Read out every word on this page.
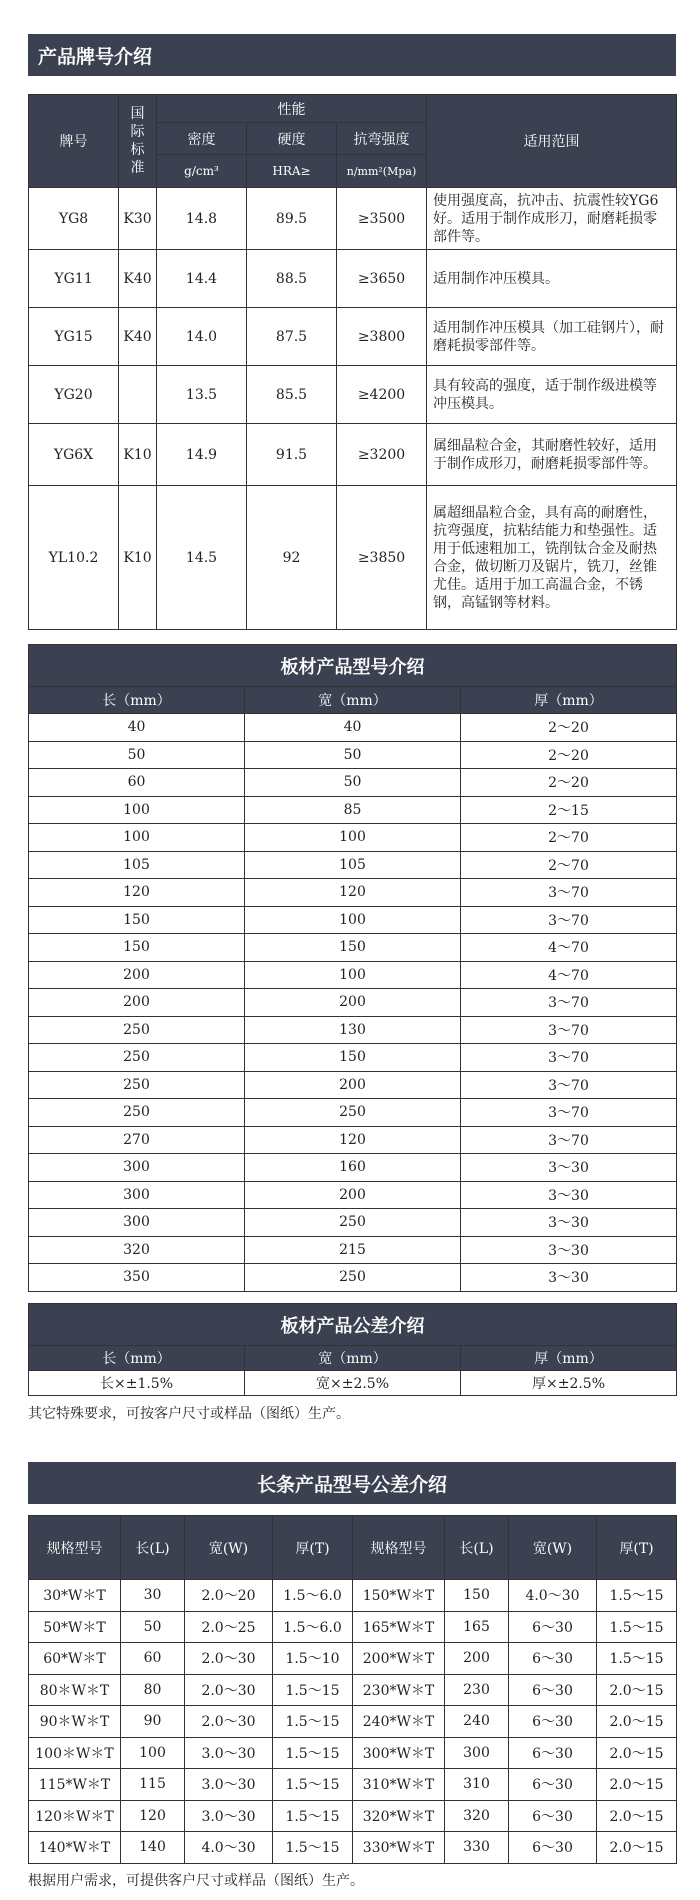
产品牌号介绍
牌号	国际标准	性能			适用范围
		密度	硬度	抗弯强度	
		g/cm³	HRA≥	n/mm²(Mpa)	
YG8	K30	14.8	89.5	≥3500	使用强度高，抗冲击、抗震性较YG6好。适用于制作成形刀，耐磨耗损零部件等。
YG11	K40	14.4	88.5	≥3650	适用制作冲压模具。
YG15	K40	14.0	87.5	≥3800	适用制作冲压模具（加工硅钢片），耐磨耗损零部件等。
YG20		13.5	85.5	≥4200	具有较高的强度，适于制作级进模等冲压模具。
YG6X	K10	14.9	91.5	≥3200	属细晶粒合金，其耐磨性较好，适用于制作成形刀，耐磨耗损零部件等。
YL10.2	K10	14.5	92	≥3850	属超细晶粒合金，具有高的耐磨性，抗弯强度，抗粘结能力和垫强性。适用于低速粗加工，铣削钛合金及耐热合金，做切断刀及锯片，铣刀，丝锥尤佳。适用于加工高温合金，不锈钢，高锰钢等材料。
板材产品型号介绍		
长（mm）	宽（mm）	厚（mm）
40	40	2～20
50	50	2～20
60	50	2～20
100	85	2～15
100	100	2～70
105	105	2～70
120	120	3～70
150	100	3～70
150	150	4～70
200	100	4～70
200	200	3～70
250	130	3～70
250	150	3～70
250	200	3～70
250	250	3～70
270	120	3～70
300	160	3～30
300	200	3～30
300	250	3～30
320	215	3～30
350	250	3～30
板材产品公差介绍		
长（mm）	宽（mm）	厚（mm）
长×±1.5%	宽×±2.5%	厚×±2.5%
其它特殊要求，可按客户尺寸或样品（图纸）生产。
长条产品型号公差介绍
规格型号	长(L)	宽(W)	厚(T)	规格型号	长(L)	宽(W)	厚(T)
30*W＊T	30	2.0～20	1.5～6.0	150*W＊T	150	4.0～30	1.5～15
50*W＊T	50	2.0～25	1.5～6.0	165*W＊T	165	6～30	1.5～15
60*W＊T	60	2.0～30	1.5～10	200*W＊T	200	6～30	1.5～15
80＊W＊T	80	2.0～30	1.5～15	230*W＊T	230	6～30	2.0～15
90＊W＊T	90	2.0～30	1.5～15	240*W＊T	240	6～30	2.0～15
100＊W＊T	100	3.0～30	1.5～15	300*W＊T	300	6～30	2.0～15
115*W＊T	115	3.0～30	1.5～15	310*W＊T	310	6～30	2.0～15
120＊W＊T	120	3.0～30	1.5～15	320*W＊T	320	6～30	2.0～15
140*W＊T	140	4.0～30	1.5～15	330*W＊T	330	6～30	2.0～15
根据用户需求，可提供客户尺寸或样品（图纸）生产。
